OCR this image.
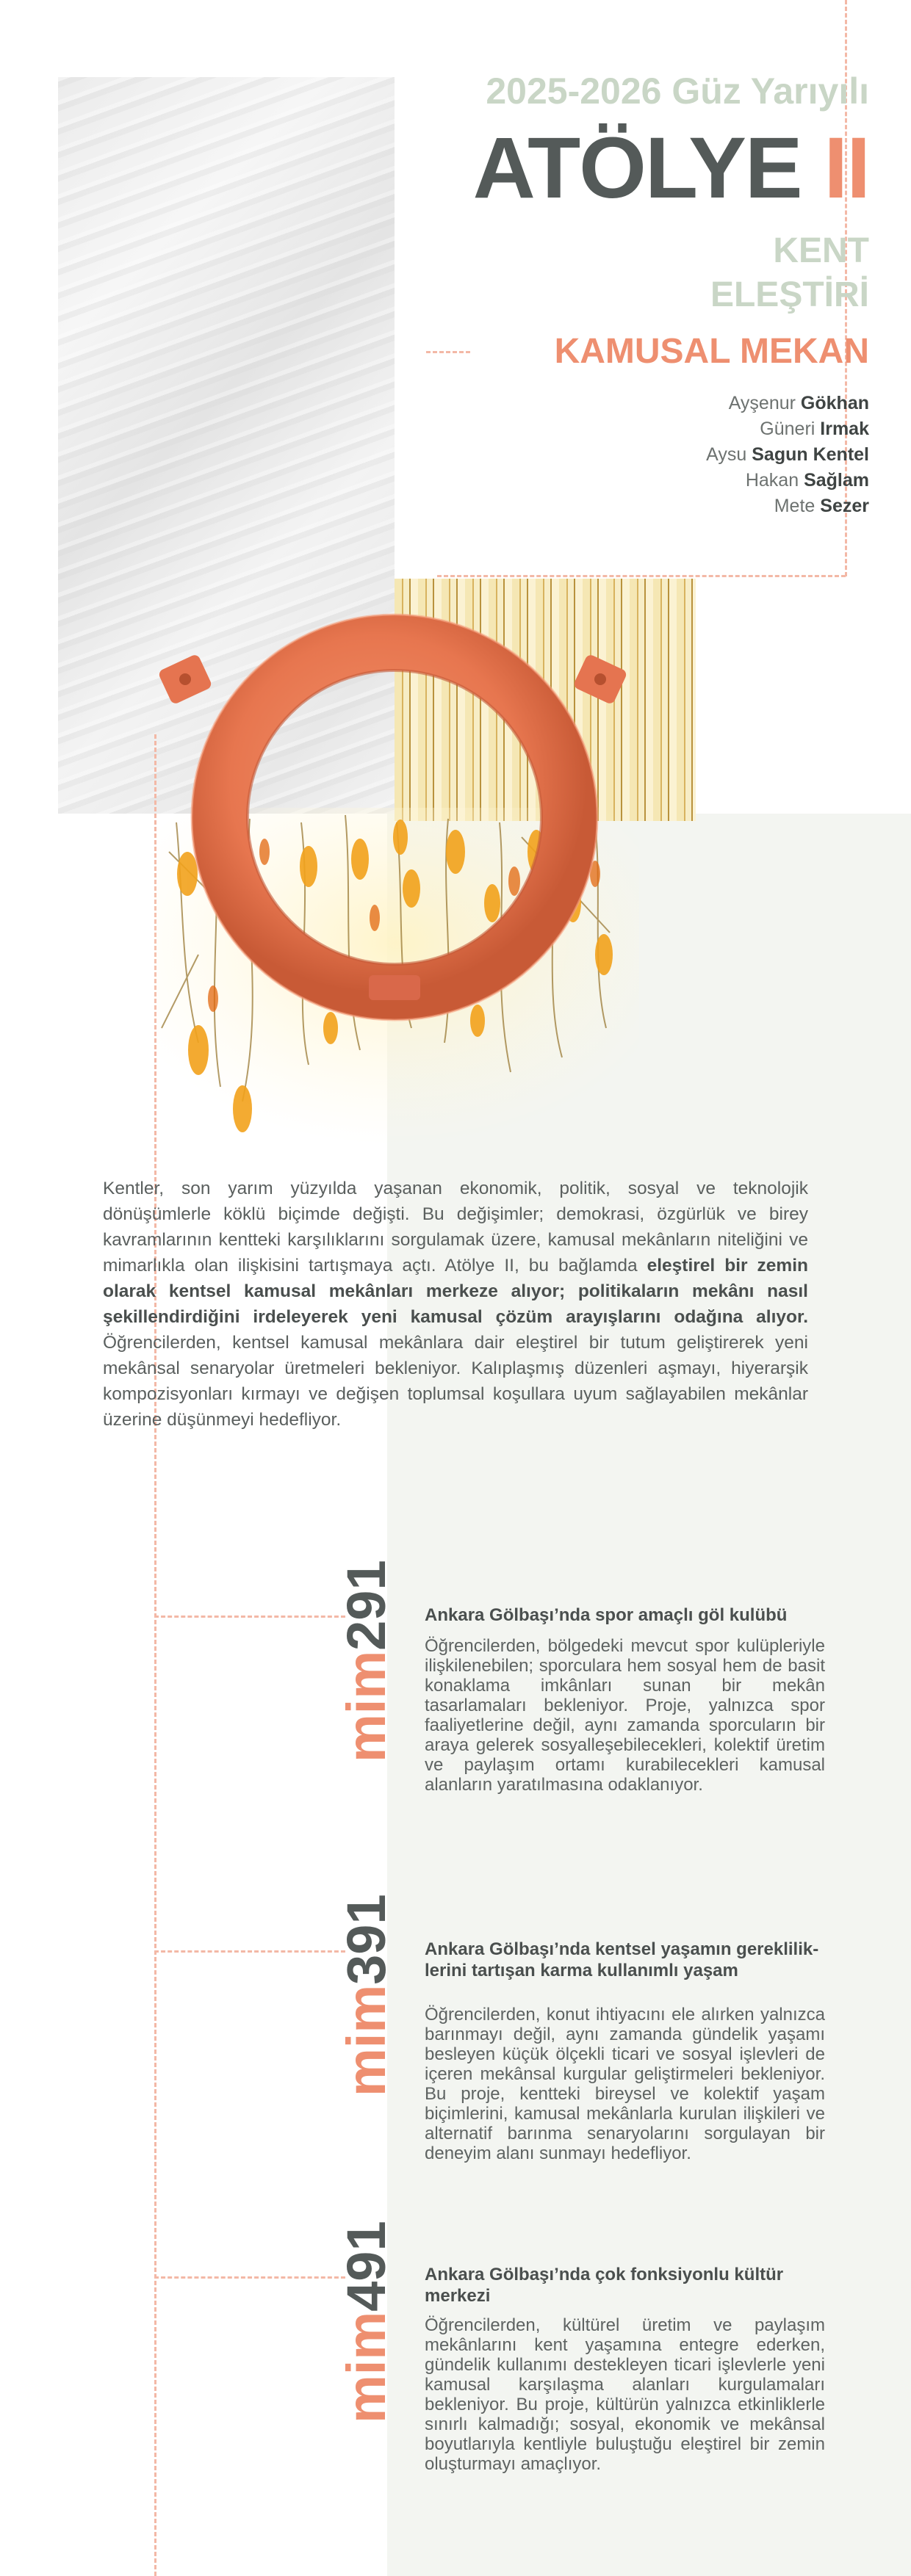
2025-2026 Güz Yarıyılı
ATÖLYE II
KENT
ELEŞTİRİ
KAMUSAL MEKAN
Ayşenur Gökhan
Güneri Irmak
Aysu Sagun Kentel
Hakan Sağlam
Mete Sezer
Kentler, son yarım yüzyılda yaşanan ekonomik, politik, sosyal ve teknolojik dönüşümlerle köklü biçimde değişti. Bu değişimler; demokrasi, özgürlük ve birey kavramlarının kentteki karşılıklarını sorgulamak üzere, kamusal mekânların niteliğini ve mimarlıkla olan ilişkisini tartışmaya açtı. Atölye II, bu bağlamda eleştirel bir zemin olarak kentsel kamusal mekânları merkeze alıyor; politikaların mekânı nasıl şekillendirdiğini irdeleyerek yeni kamusal çözüm arayışlarını odağına alıyor. Öğrencilerden, kentsel kamusal mekânlara dair eleştirel bir tutum geliştirerek yeni mekânsal senaryolar üretmeleri bekleniyor. Kalıplaşmış düzenleri aşmayı, hiyerarşik kompozisyonları kırmayı ve değişen toplumsal koşullara uyum sağlayabilen mekânlar üzerine düşünmeyi hedefliyor.
mim291 Ankara Gölbaşı’nda spor amaçlı göl kulübü
Öğrencilerden, bölgedeki mevcut spor kulüpleriyle ilişkilenebilen; sporculara hem sosyal hem de basit konaklama imkânları sunan bir mekân tasarlamaları bekleniyor. Proje, yalnızca spor faaliyetlerine değil, aynı zamanda sporcuların bir araya gelerek sosyalleşebilecekleri, kolektif üretim ve paylaşım ortamı kurabilecekleri kamusal alanların yaratılmasına odaklanıyor.
mim391 Ankara Gölbaşı’nda kentsel yaşamın gerekliliklerini tartışan karma kullanımlı yaşam
Öğrencilerden, konut ihtiyacını ele alırken yalnızca barınmayı değil, aynı zamanda gündelik yaşamı besleyen küçük ölçekli ticari ve sosyal işlevleri de içeren mekânsal kurgular geliştirmeleri bekleniyor. Bu proje, kentteki bireysel ve kolektif yaşam biçimlerini, kamusal mekânlarla kurulan ilişkileri ve alternatif barınma senaryolarını sorgulayan bir deneyim alanı sunmayı hedefliyor.
mim491 Ankara Gölbaşı’nda çok fonksiyonlu kültür merkezi
Öğrencilerden, kültürel üretim ve paylaşım mekânlarını kent yaşamına entegre ederken, gündelik kullanımı destekleyen ticari işlevlerle yeni kamusal karşılaşma alanları kurgulamaları bekleniyor. Bu proje, kültürün yalnızca etkinliklerle sınırlı kalmadığı; sosyal, ekonomik ve mekânsal boyutlarıyla kentliyle buluştuğu eleştirel bir zemin oluşturmayı amaçlıyor.
